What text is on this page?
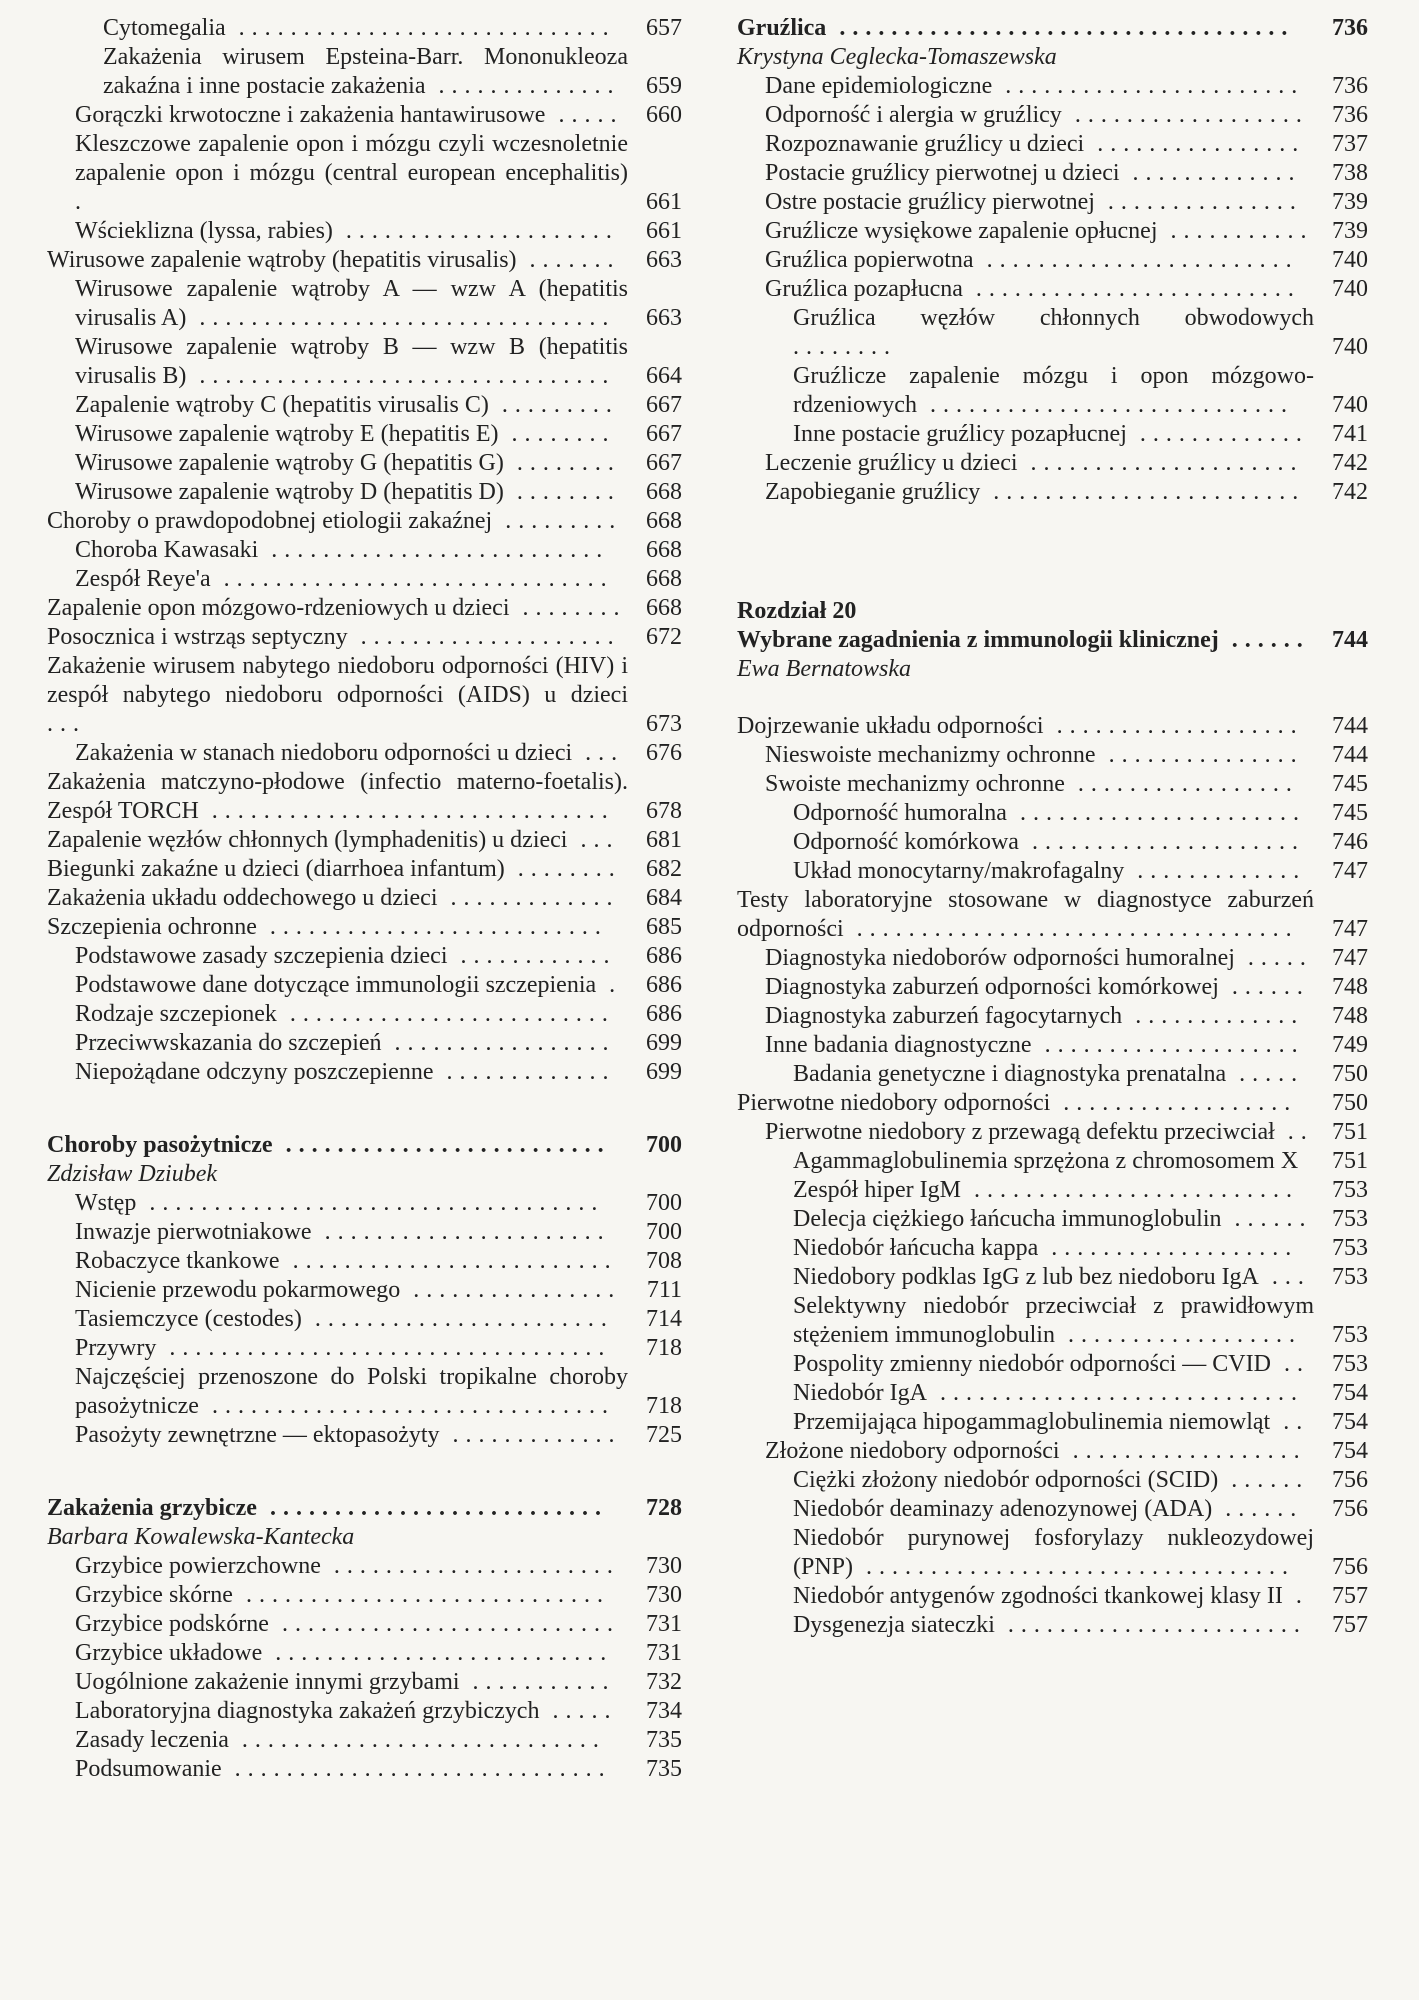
Cytomegalia .............................	657
Zakażenia wirusem Epsteina-Barr. Mononukleoza zakaźna i inne postacie zakażenia ..............	659
Gorączki krwotoczne i zakażenia hantawirusowe ..... 660
Kleszczowe zapalenie opon i mózgu czyli wczesnoletnie zapalenie opon i mózgu (central european encephalitis) .	661
Wścieklizna (lyssa, rabies) .....................	661
Wirusowe zapalenie wątroby (hepatitis virusalis) .......	663
Wirusowe zapalenie wątroby A — wzw A (hepatitis virusalis A) ................................	663
Wirusowe zapalenie wątroby B — wzw B (hepatitis virusalis B) ................................	664
Zapalenie wątroby C (hepatitis virusalis C) .........	667
Wirusowe zapalenie wątroby E (hepatitis E) ........	667
Wirusowe zapalenie wątroby G (hepatitis G) ........	667
Wirusowe zapalenie wątroby D (hepatitis D) ........	668
Choroby o prawdopodobnej etiologii zakaźnej ......... 668
Choroba Kawasaki ..........................	668
Zespół Reye'a ..............................	668
Zapalenie opon mózgowo-rdzeniowych u dzieci ........ 668
Posocznica i wstrząs septyczny ....................	672
Zakażenie wirusem nabytego niedoboru odporności (HIV) i zespół nabytego niedoboru odporności (AIDS) u dzieci ...	673
Zakażenia w stanach niedoboru odporności u dzieci ... 676
Zakażenia matczyno-płodowe (infectio materno-foetalis). Zespół TORCH ...............................	678
Zapalenie węzłów chłonnych (lymphadenitis) u dzieci ...	681
Biegunki zakaźne u dzieci (diarrhoea infantum) ........	682
Zakażenia układu oddechowego u dzieci .............	684
Szczepienia ochronne ..........................	685
Podstawowe zasady szczepienia dzieci ............	686
Podstawowe dane dotyczące immunologii szczepienia . 686
Rodzaje szczepionek .........................	686
Przeciwwskazania do szczepień .................	699
Niepożądane odczyny poszczepienne .............	699
Choroby pasożytnicze .........................	700
Zdzisław Dziubek
Wstęp ...................................	700
Inwazje pierwotniakowe ......................	700
Robaczyce tkankowe .........................	708
Nicienie przewodu pokarmowego ................	711
Tasiemczyce (cestodes) .......................	714
Przywry ..................................	718
Najczęściej przenoszone do Polski tropikalne choroby pasożytnicze ...............................	718
Pasożyty zewnętrzne — ektopasożyty .............	725
Zakażenia grzybicze ..........................	728
Barbara Kowalewska-Kantecka
Grzybice powierzchowne ......................	730
Grzybice skórne ............................	730
Grzybice podskórne ..........................	731
Grzybice układowe ..........................	731
Uogólnione zakażenie innymi grzybami ...........	732
Laboratoryjna diagnostyka zakażeń grzybiczych .....	734
Zasady leczenia ............................	735
Podsumowanie .............................	735
Gruźlica ...................................	736
Krystyna Ceglecka-Tomaszewska
Dane epidemiologiczne .......................	736
Odporność i alergia w gruźlicy .................. 736
Rozpoznawanie gruźlicy u dzieci ................	737
Postacie gruźlicy pierwotnej u dzieci .............	738
Ostre postacie gruźlicy pierwotnej ...............	739
Gruźlicze wysiękowe zapalenie opłucnej ........... 739
Gruźlica popierwotna ........................	740
Gruźlica pozapłucna .........................	740
Gruźlica węzłów chłonnych obwodowych ........	740
Gruźlicze zapalenie mózgu i opon mózgowo-rdzeniowych ............................	740
Inne postacie gruźlicy pozapłucnej ............. 741
Leczenie gruźlicy u dzieci .....................	742
Zapobieganie gruźlicy ........................	742
Rozdział 20
Wybrane zagadnienia z immunologii klinicznej ...... 744
Ewa Bernatowska
Dojrzewanie układu odporności ...................	744
Nieswoiste mechanizmy ochronne ...............	744
Swoiste mechanizmy ochronne .................	745
Odporność humoralna ......................	745
Odporność komórkowa .....................	746
Układ monocytarny/makrofagalny .............	747
Testy laboratoryjne stosowane w diagnostyce zaburzeń odporności ..................................	747
Diagnostyka niedoborów odporności humoralnej ..... 747
Diagnostyka zaburzeń odporności komórkowej ...... 748
Diagnostyka zaburzeń fagocytarnych .............	748
Inne badania diagnostyczne ....................	749
Badania genetyczne i diagnostyka prenatalna .....	750
Pierwotne niedobory odporności ..................	750
Pierwotne niedobory z przewagą defektu przeciwciał .. 751
Agammaglobulinemia sprzężona z chromosomem X	751
Zespół hiper IgM .........................	753
Delecja ciężkiego łańcucha immunoglobulin ...... 753
Niedobór łańcucha kappa ...................	753
Niedobory podklas IgG z lub bez niedoboru IgA ... 753
Selektywny niedobór przeciwciał z prawidłowym stężeniem immunoglobulin ..................	753
Pospolity zmienny niedobór odporności — CVID .. 753
Niedobór IgA ............................	754
Przemijająca hipogammaglobulinemia niemowląt .. 754
Złożone niedobory odporności ..................	754
Ciężki złożony niedobór odporności (SCID) ...... 756
Niedobór deaminazy adenozynowej (ADA) ......	756
Niedobór purynowej fosforylazy nukleozydowej (PNP) .................................	756
Niedobór antygenów zgodności tkankowej klasy II . 757
Dysgenezja siateczki .......................	757
